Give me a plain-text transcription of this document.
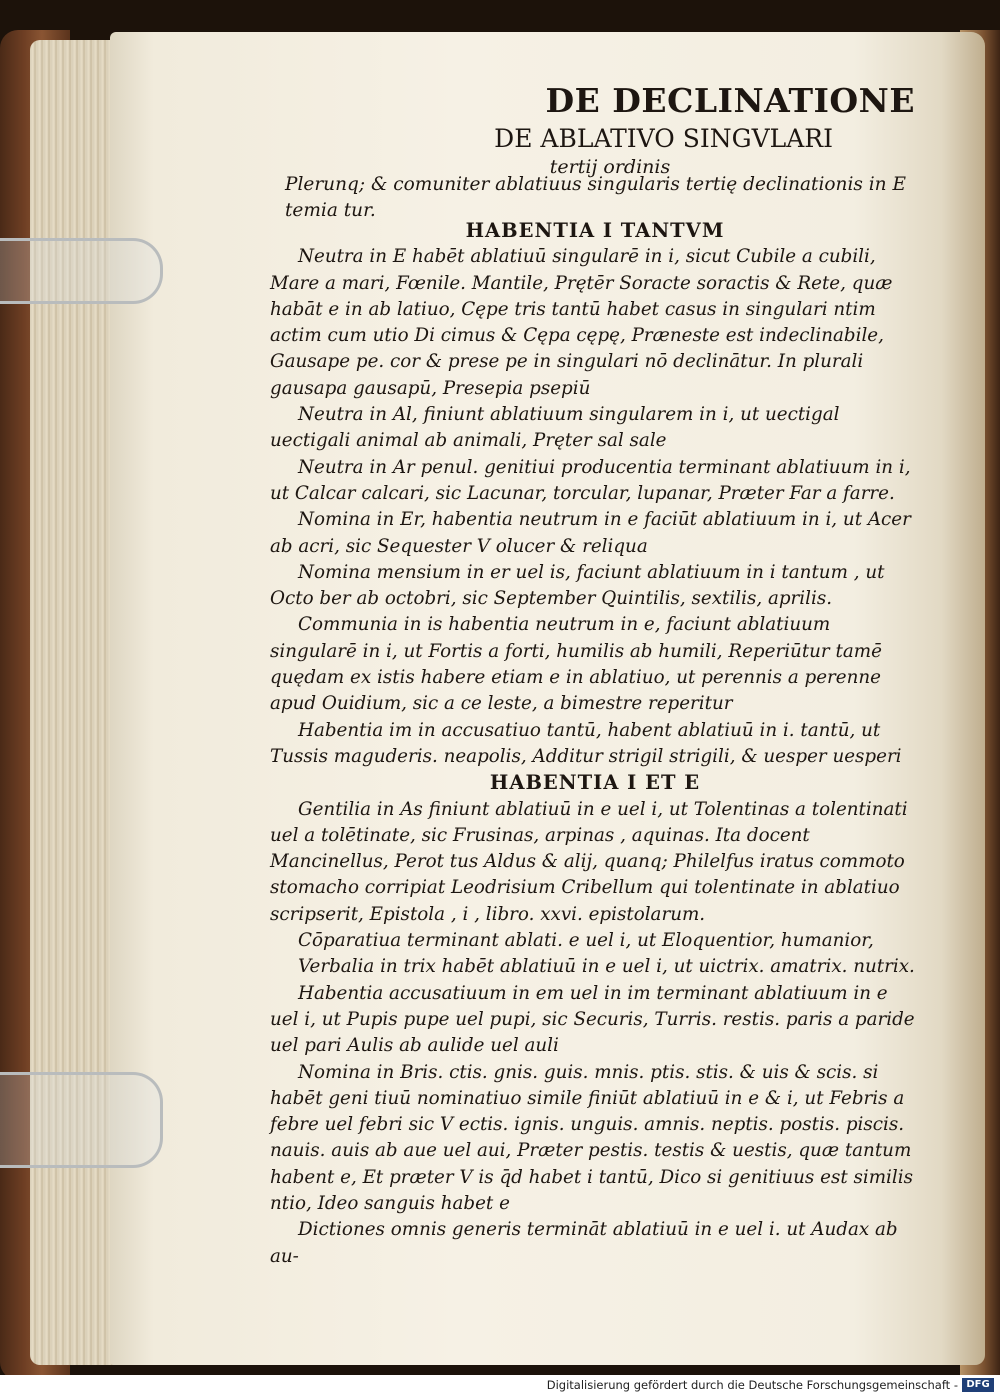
DE DECLINATIONE
DE ABLATIVO SINGVLARI
tertij ordinis
Plerunq; & comuniter ablatiuus singularis tertię declinationis in E temia tur.
HABENTIA I TANTVM

Neutra in E habēt ablatiuū singularē in i, sicut Cubile a cubili, Mare a mari, Fœnile. Mantile, Prętēr Soracte soractis & Rete, quæ habāt e in ab latiuo, Cępe tris tantū habet casus in singulari ntim actim cum utio Di cimus & Cępa cępę, Præneste est indeclinabile, Gausape pe. cor & prese pe in singulari nō declinātur. In plurali gausapa gausapū, Presepia psepiū

Neutra in Al, finiunt ablatiuum singularem in i, ut uectigal uectigali animal ab animali, Pręter sal sale

Neutra in Ar penul. genitiui producentia terminant ablatiuum in i, ut Calcar calcari, sic Lacunar, torcular, lupanar, Præter Far a farre.

Nomina in Er, habentia neutrum in e faciūt ablatiuum in i, ut Acer ab acri, sic Sequester V olucer & reliqua

Nomina mensium in er uel is, faciunt ablatiuum in i tantum , ut Octo ber ab octobri, sic September Quintilis, sextilis, aprilis.

Communia in is habentia neutrum in e, faciunt ablatiuum singularē in i, ut Fortis a forti, humilis ab humili, Reperiūtur tamē quędam ex istis habere etiam e in ablatiuo, ut perennis a perenne apud Ouidium, sic a ce leste, a bimestre reperitur

Habentia im in accusatiuo tantū, habent ablatiuū in i. tantū, ut Tussis maguderis. neapolis, Additur strigil strigili, & uesper uesperi

HABENTIA I ET E

Gentilia in As finiunt ablatiuū in e uel i, ut Tolentinas a tolentinati uel a tolētinate, sic Frusinas, arpinas , aquinas. Ita docent Mancinellus, Perot tus Aldus & alij, quanq; Philelfus iratus commoto stomacho corripiat Leodrisium Cribellum qui tolentinate in ablatiuo scripserit, Epistola , i , libro. xxvi. epistolarum.

Cōparatiua terminant ablati. e uel i, ut Eloquentior, humanior,

Verbalia in trix habēt ablatiuū in e uel i, ut uictrix. amatrix. nutrix.

Habentia accusatiuum in em uel in im terminant ablatiuum in e uel i, ut Pupis pupe uel pupi, sic Securis, Turris. restis. paris a paride uel pari Aulis ab aulide uel auli

Nomina in Bris. ctis. gnis. guis. mnis. ptis. stis. & uis & scis. si habēt geni tiuū nominatiuo simile finiūt ablatiuū in e & i, ut Febris a febre uel febri sic V ectis. ignis. unguis. amnis. neptis. postis. piscis. nauis. auis ab aue uel aui, Præter pestis. testis & uestis, quæ tantum habent e, Et præter V is q̄d habet i tantū, Dico si genitiuus est similis ntio, Ideo sanguis habet e

Dictiones omnis generis termināt ablatiuū in e uel i. ut Audax ab au-

Digitalisierung gefördert durch die Deutsche Forschungsgemeinschaft - DFG
